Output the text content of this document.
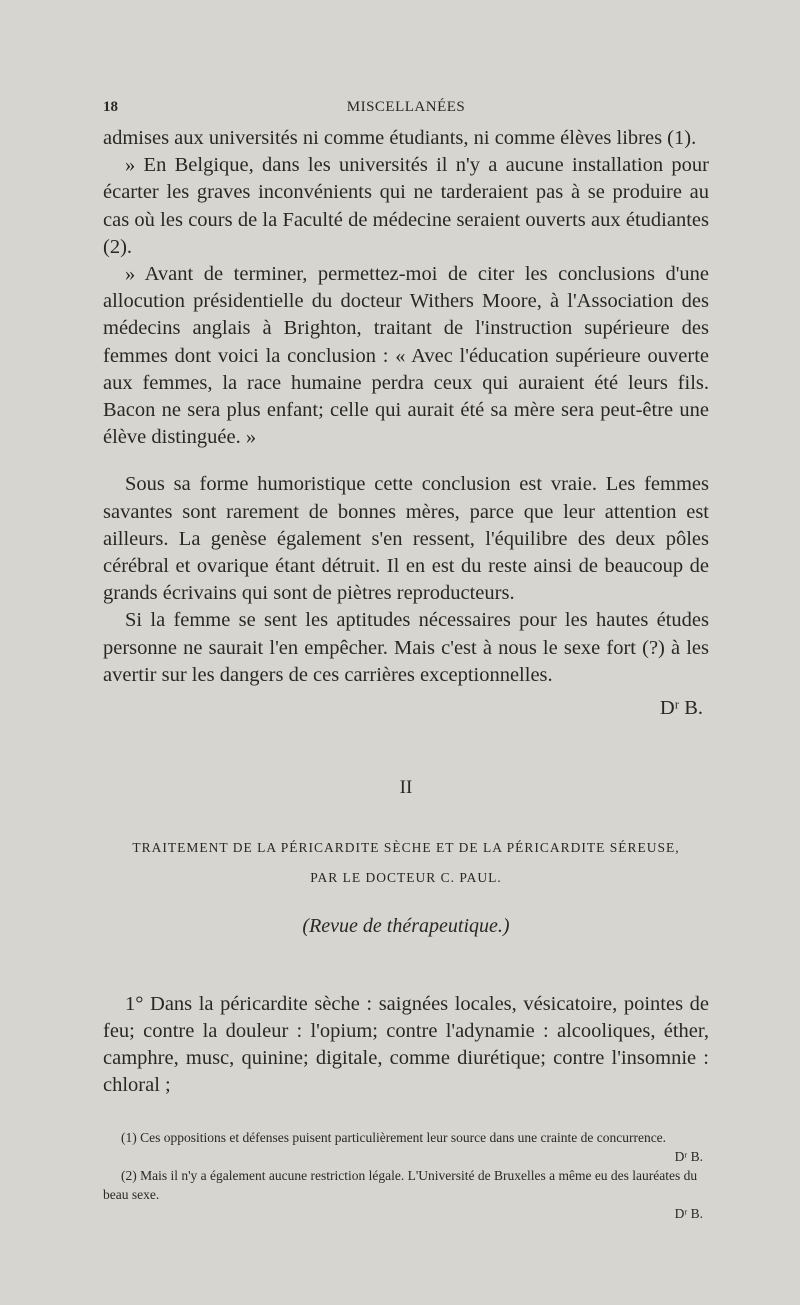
18	MISCELLANÉES

admises aux universités ni comme étudiants, ni comme élèves libres (1).

» En Belgique, dans les universités il n'y a aucune installation pour écarter les graves inconvénients qui ne tarderaient pas à se produire au cas où les cours de la Faculté de médecine seraient ouverts aux étudiantes (2).

» Avant de terminer, permettez-moi de citer les conclusions d'une allocution présidentielle du docteur Withers Moore, à l'Association des médecins anglais à Brighton, traitant de l'instruction supérieure des femmes dont voici la conclusion : « Avec l'éducation supérieure ouverte aux femmes, la race humaine perdra ceux qui auraient été leurs fils. Bacon ne sera plus enfant; celle qui aurait été sa mère sera peut-être une élève distinguée. »

Sous sa forme humoristique cette conclusion est vraie. Les femmes savantes sont rarement de bonnes mères, parce que leur attention est ailleurs. La genèse également s'en ressent, l'équilibre des deux pôles cérébral et ovarique étant détruit. Il en est du reste ainsi de beaucoup de grands écrivains qui sont de piètres reproducteurs.

Si la femme se sent les aptitudes nécessaires pour les hautes études personne ne saurait l'en empêcher. Mais c'est à nous le sexe fort (?) à les avertir sur les dangers de ces carrières exceptionnelles.

Dʳ B.

II
TRAITEMENT DE LA PÉRICARDITE SÈCHE ET DE LA PÉRICARDITE SÉREUSE,
PAR LE DOCTEUR C. PAUL.
(Revue de thérapeutique.)

1° Dans la péricardite sèche : saignées locales, vésicatoire, pointes de feu; contre la douleur : l'opium; contre l'adynamie : alcooliques, éther, camphre, musc, quinine; digitale, comme diurétique; contre l'insomnie : chloral ;

(1) Ces oppositions et défenses puisent particulièrement leur source dans une crainte de concurrence.
Dʳ B.
(2) Mais il n'y a également aucune restriction légale. L'Université de Bruxelles a même eu des lauréates du beau sexe.
Dʳ B.
